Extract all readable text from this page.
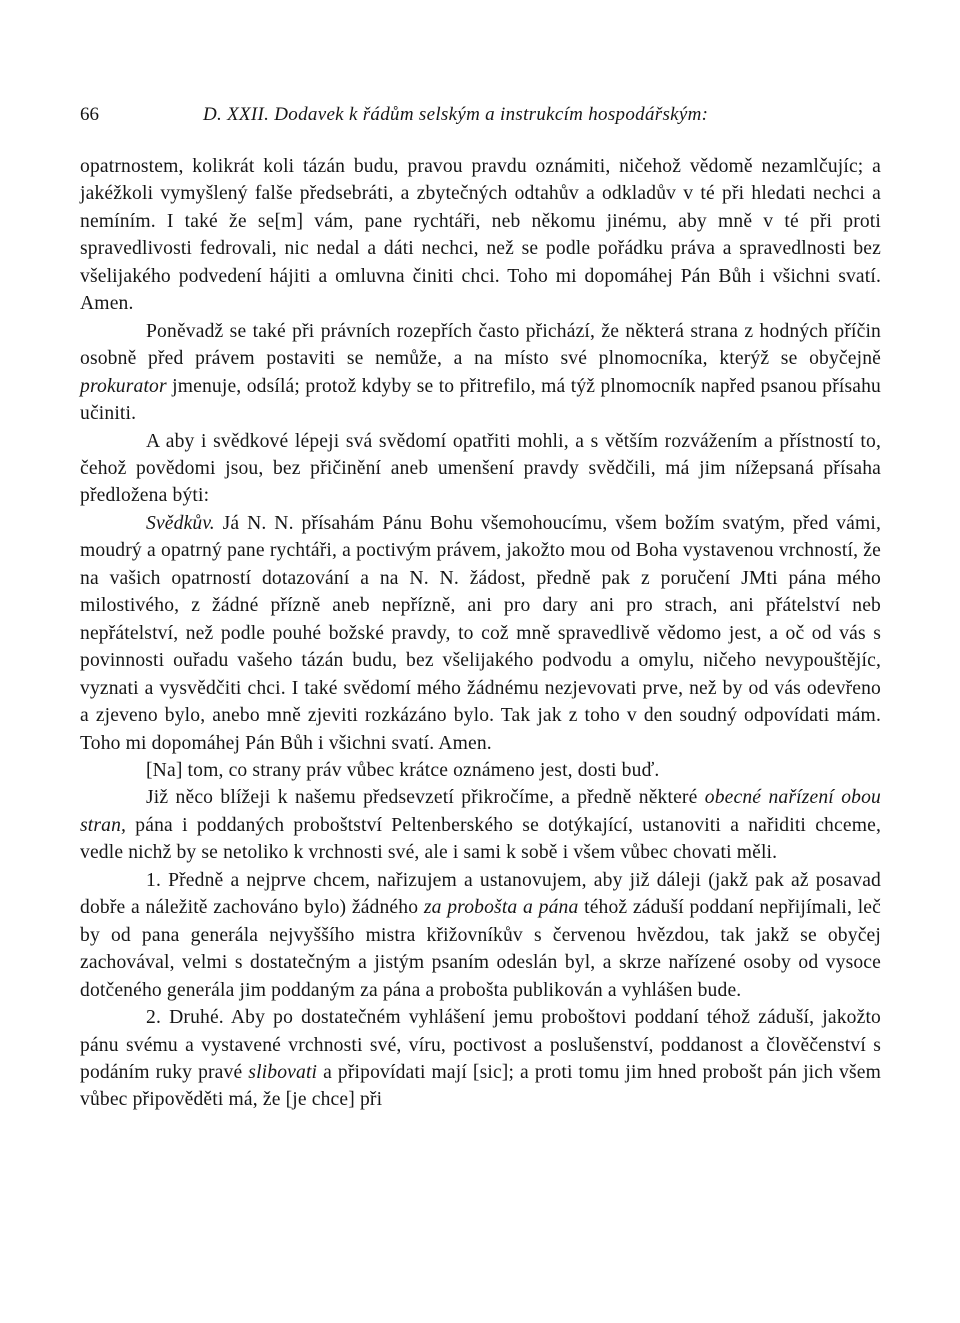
66	D. XXII. Dodavek k řádům selským a instrukcím hospodářským:

opatrnostem, kolikrát koli tázán budu, pravou pravdu oznámiti, ničehož vědomě nezamlčujíc; a jakéžkoli vymyšlený falše předsebráti, a zbytečných odtahův a odkladův v té při hledati nechci a nemíním. I také že se[m] vám, pane rychtáři, neb někomu jinému, aby mně v té při proti spravedlivosti fedrovali, nic nedal a dáti nechci, než se podle pořádku práva a spravedlnosti bez všelijakého podvedení hájiti a omluvna činiti chci. Toho mi dopomáhej Pán Bůh i všichni svatí. Amen.

Poněvadž se také při právních rozepřích často přichází, že některá strana z hodných příčin osobně před právem postaviti se nemůže, a na místo své plnomocníka, kterýž se obyčejně prokurator jmenuje, odsílá; protož kdyby se to přitrefilo, má týž plnomocník napřed psanou přísahu učiniti.

A aby i svědkové lépeji svá svědomí opatřiti mohli, a s větším rozvážením a přístností to, čehož povědomi jsou, bez přičinění aneb umenšení pravdy svědčili, má jim nížepsaná přísaha předložena býti:

Svědkův. Já N. N. přísahám Pánu Bohu všemohoucímu, všem božím svatým, před vámi, moudrý a opatrný pane rychtáři, a poctivým právem, jakožto mou od Boha vystavenou vrchností, že na vašich opatrností dotazování a na N. N. žádost, předně pak z poručení JMti pána mého milostivého, z žádné přízně aneb nepřízně, ani pro dary ani pro strach, ani přátelství neb nepřátelství, než podle pouhé božské pravdy, to což mně spravedlivě vědomo jest, a oč od vás s povinnosti ouřadu vašeho tázán budu, bez všelijakého podvodu a omylu, ničeho nevypouštějíc, vyznati a vysvědčiti chci. I také svědomí mého žádnému nezjevovati prve, než by od vás odevřeno a zjeveno bylo, anebo mně zjeviti rozkázáno bylo. Tak jak z toho v den soudný odpovídati mám. Toho mi dopomáhej Pán Bůh i všichni svatí. Amen.

[Na] tom, co strany práv vůbec krátce oznámeno jest, dosti buď.

Již něco blížeji k našemu předsevzetí přikročíme, a předně některé obecné nařízení obou stran, pána i poddaných proboštství Peltenberského se dotýkající, ustanoviti a nařiditi chceme, vedle nichž by se netoliko k vrchnosti své, ale i sami k sobě i všem vůbec chovati měli.

1. Předně a nejprve chcem, nařizujem a ustanovujem, aby již dáleji (jakž pak až posavad dobře a náležitě zachováno bylo) žádného za probošta a pána téhož záduší poddaní nepřijímali, leč by od pana generála nejvyššího mistra křižovníkův s červenou hvězdou, tak jakž se obyčej zachovával, velmi s dostatečným a jistým psaním odeslán byl, a skrze nařízené osoby od vysoce dotčeného generála jim poddaným za pána a probošta publikován a vyhlášen bude.

2. Druhé. Aby po dostatečném vyhlášení jemu proboštovi poddaní téhož záduší, jakožto pánu svému a vystavené vrchnosti své, víru, poctivost a poslušenství, poddanost a člověčenství s podáním ruky pravé slibovati a připovídati mají [sic]; a proti tomu jim hned probošt pán jich všem vůbec připověděti má, že [je chce] při
